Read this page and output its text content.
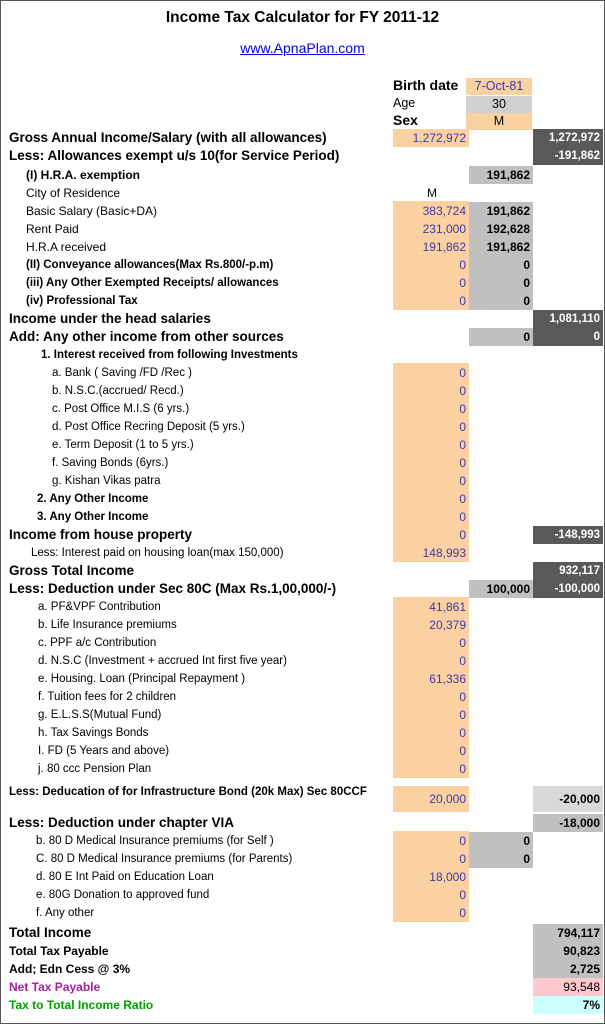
Income Tax Calculator for FY 2011-12
www.ApnaPlan.com
Birth date	7-Oct-81
Age	30
Sex	M
Gross Annual Income/Salary (with all allowances)	1,272,972	1,272,972
Less: Allowances exempt u/s 10(for Service Period)	-191,862
(I) H.R.A. exemption	191,862
City of Residence	M
Basic Salary (Basic+DA)	383,724	191,862
Rent Paid	231,000	192,628
H.R.A received	191,862	191,862
(II) Conveyance allowances(Max Rs.800/-p.m)	0	0
(iii) Any Other Exempted Receipts/ allowances	0	0
(iv) Professional Tax	0	0
Income under the head salaries	1,081,110
Add: Any other income from other sources	0	0
1. Interest received from following Investments
a. Bank ( Saving /FD /Rec )	0
b. N.S.C.(accrued/ Recd.)	0
c. Post Office M.I.S (6 yrs.)	0
d. Post Office Recring Deposit (5 yrs.)	0
e. Term Deposit (1 to 5 yrs.)	0
f. Saving Bonds (6yrs.)	0
g. Kishan Vikas patra	0
2. Any Other Income	0
3. Any Other Income	0
Income from house property	0	-148,993
Less: Interest paid on housing loan(max 150,000)	148,993
Gross Total Income	932,117
Less: Deduction under Sec 80C (Max Rs.1,00,000/-)	100,000	-100,000
a. PF&VPF Contribution	41,861
b. Life Insurance premiums	20,379
c. PPF a/c Contribution	0
d. N.S.C (Investment + accrued Int first five year)	0
e. Housing. Loan (Principal Repayment )	61,336
f. Tuition fees for 2 children	0
g. E.L.S.S(Mutual Fund)	0
h. Tax Savings Bonds	0
I. FD (5 Years and above)	0
j. 80 ccc Pension Plan	0
Less: Deducation of for Infrastructure Bond (20k Max) Sec 80CCF	20,000	-20,000
Less: Deduction under chapter VIA	-18,000
b. 80 D Medical Insurance premiums (for Self )	0	0
C. 80 D Medical Insurance premiums (for Parents)	0	0
d. 80 E Int Paid on Education Loan	18,000
e. 80G Donation to approved fund	0
f. Any other	0
Total Income	794,117
Total Tax Payable	90,823
Add; Edn Cess @ 3%	2,725
Net Tax Payable	93,548
Tax to Total Income Ratio	7%
